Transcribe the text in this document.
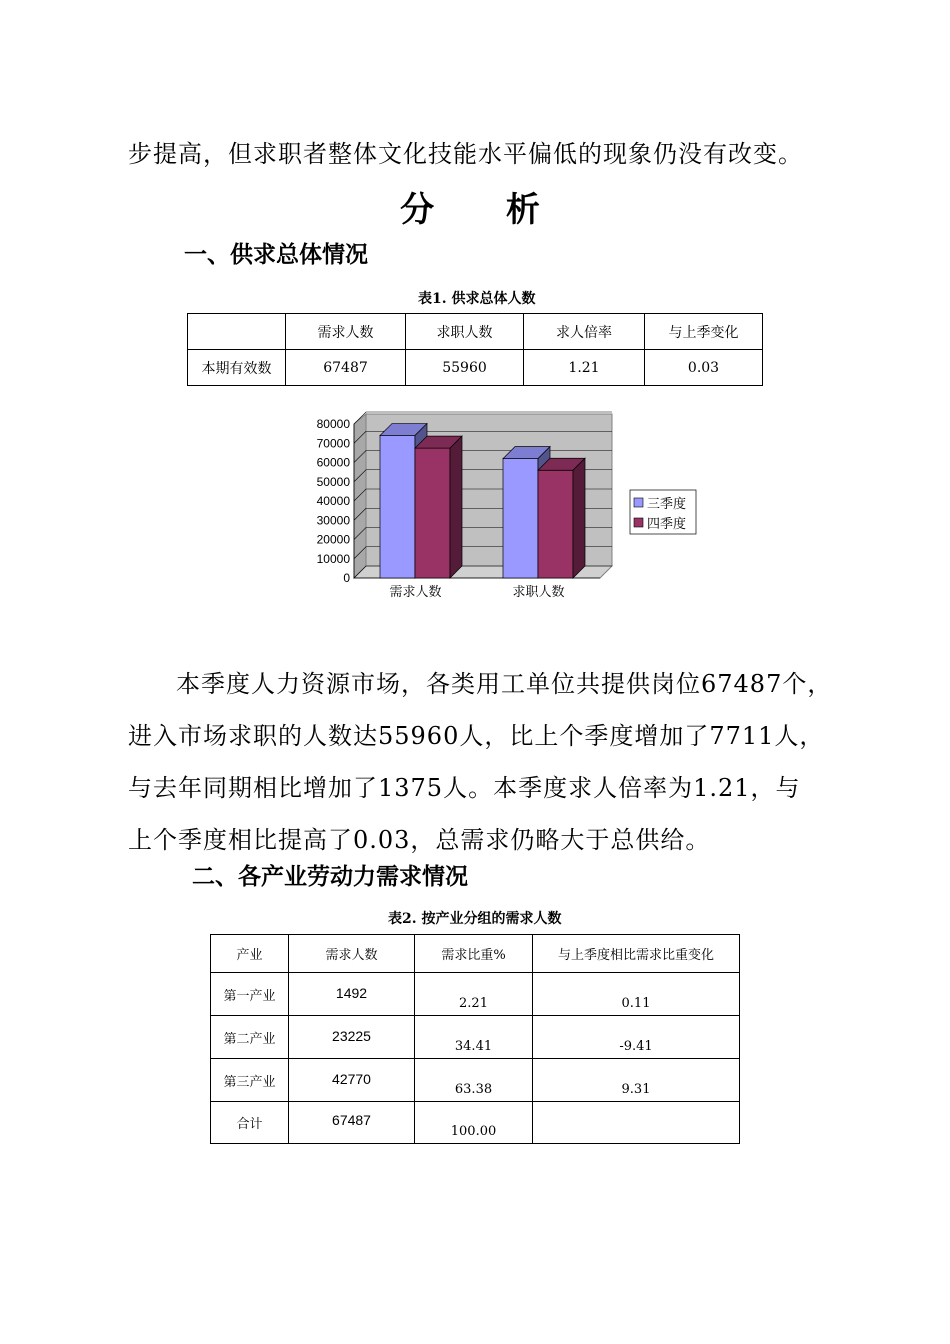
步提高，但求职者整体文化技能水平偏低的现象仍没有改变。
分 析
一、供求总体情况
表1. 供求总体人数
	需求人数	求职人数	求人倍率	与上季变化
本期有效数	67487	55960	1.21	0.03
80000
70000
60000
50000
40000
30000
20000
10000
0
需求人数	求职人数
三季度
四季度
本季度人力资源市场，各类用工单位共提供岗位67487个，
进入市场求职的人数达55960人，比上个季度增加了7711人，
与去年同期相比增加了1375人。本季度求人倍率为1.21，与
上个季度相比提高了0.03，总需求仍略大于总供给。
二、各产业劳动力需求情况
表2. 按产业分组的需求人数
产业	需求人数	需求比重%	与上季度相比需求比重变化
第一产业	1492	2.21	0.11
第二产业	23225	34.41	-9.41
第三产业	42770	63.38	9.31
合计	67487	100.00	
